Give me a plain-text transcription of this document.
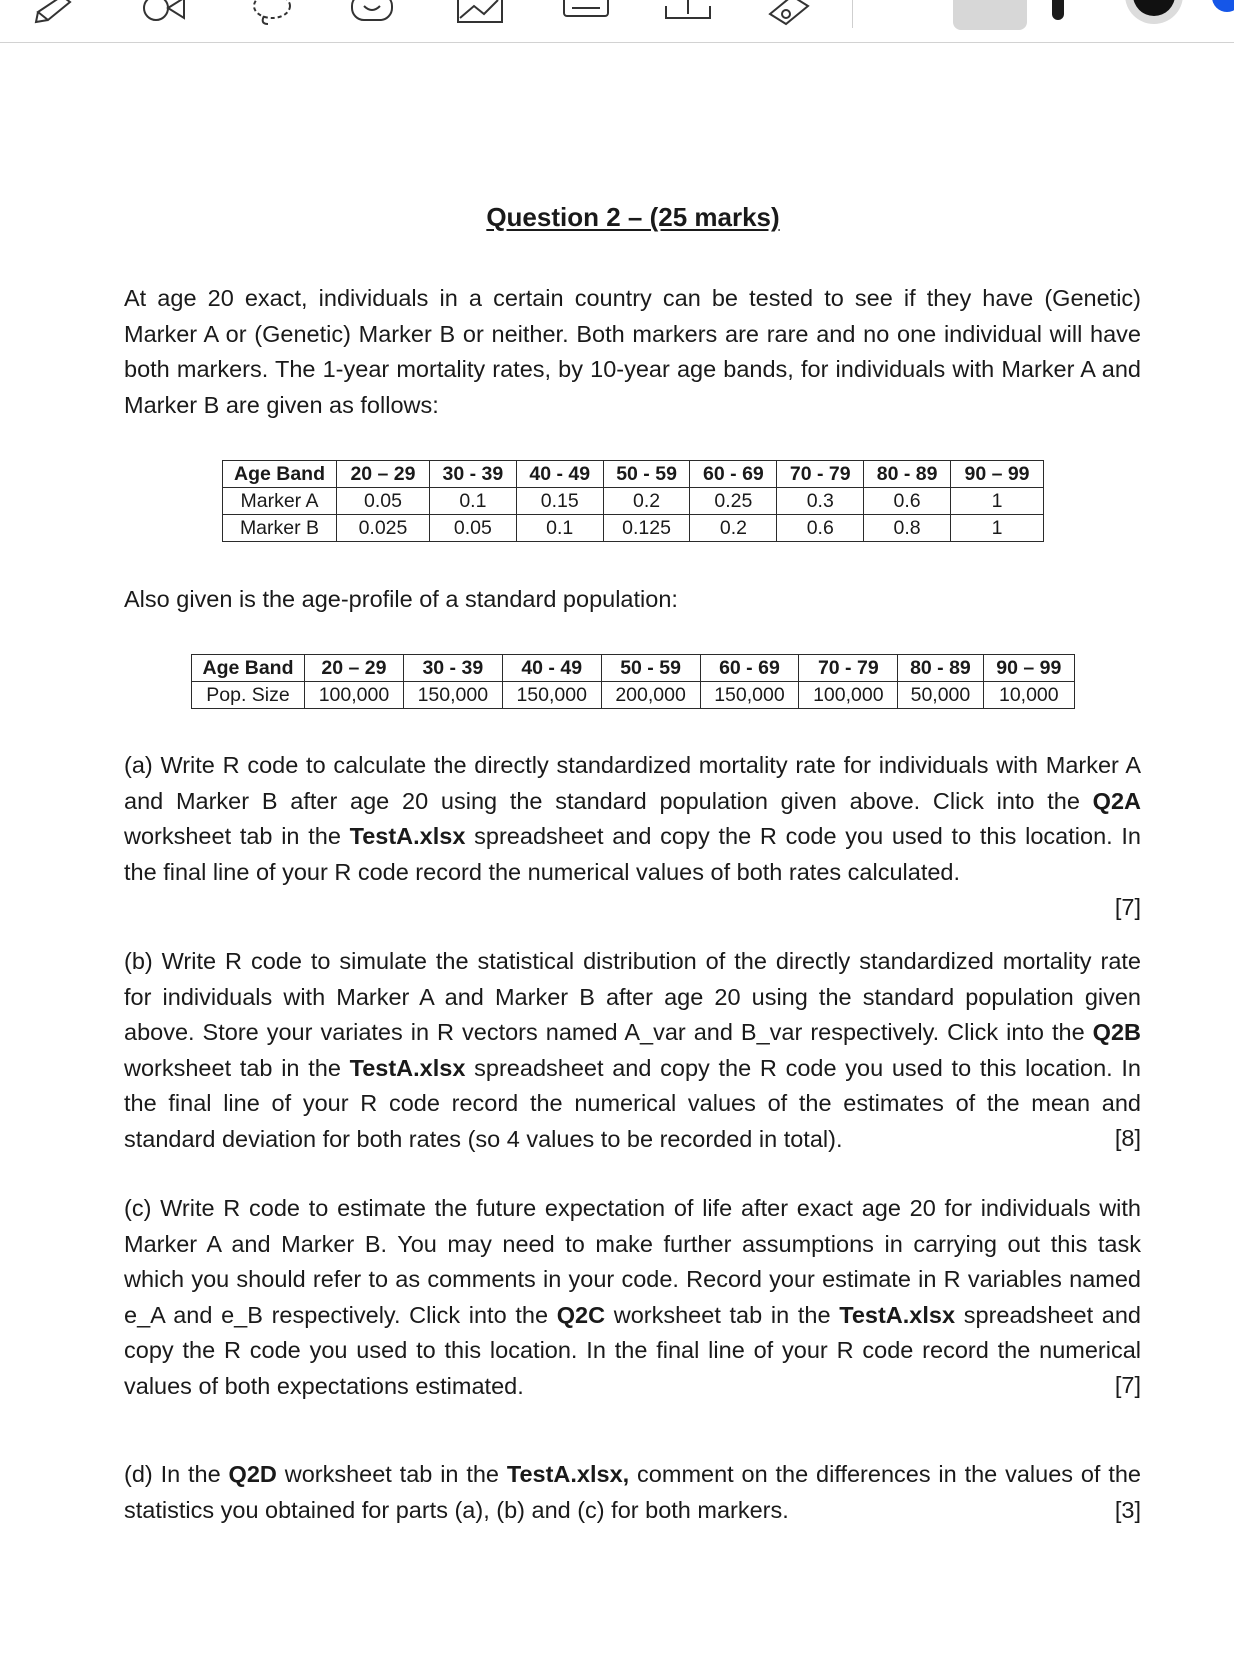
Question 2 – (25 marks)
At age 20 exact, individuals in a certain country can be tested to see if they have (Genetic) Marker A or (Genetic) Marker B or neither. Both markers are rare and no one individual will have both markers. The 1-year mortality rates, by 10-year age bands, for individuals with Marker A and Marker B are given as follows:
Age Band	20 – 29	30 - 39	40 - 49	50 - 59	60 - 69	70 - 79	80 - 89	90 – 99
Marker A	0.05	0.1	0.15	0.2	0.25	0.3	0.6	1
Marker B	0.025	0.05	0.1	0.125	0.2	0.6	0.8	1
Also given is the age-profile of a standard population:
Age Band	20 – 29	30 - 39	40 - 49	50 - 59	60 - 69	70 - 79	80 - 89	90 – 99
Pop. Size	100,000	150,000	150,000	200,000	150,000	100,000	50,000	10,000
(a) Write R code to calculate the directly standardized mortality rate for individuals with Marker A and Marker B after age 20 using the standard population given above. Click into the Q2A worksheet tab in the TestA.xlsx spreadsheet and copy the R code you used to this location. In the final line of your R code record the numerical values of both rates calculated.
[7]
(b) Write R code to simulate the statistical distribution of the directly standardized mortality rate for individuals with Marker A and Marker B after age 20 using the standard population given above. Store your variates in R vectors named A_var and B_var respectively. Click into the Q2B worksheet tab in the TestA.xlsx spreadsheet and copy the R code you used to this location. In the final line of your R code record the numerical values of the estimates of the mean and standard deviation for both rates (so 4 values to be recorded in total).	[8]
(c) Write R code to estimate the future expectation of life after exact age 20 for individuals with Marker A and Marker B. You may need to make further assumptions in carrying out this task which you should refer to as comments in your code. Record your estimate in R variables named e_A and e_B respectively. Click into the Q2C worksheet tab in the TestA.xlsx spreadsheet and copy the R code you used to this location. In the final line of your R code record the numerical values of both expectations estimated.	[7]
(d) In the Q2D worksheet tab in the TestA.xlsx, comment on the differences in the values of the statistics you obtained for parts (a), (b) and (c) for both markers.	[3]
